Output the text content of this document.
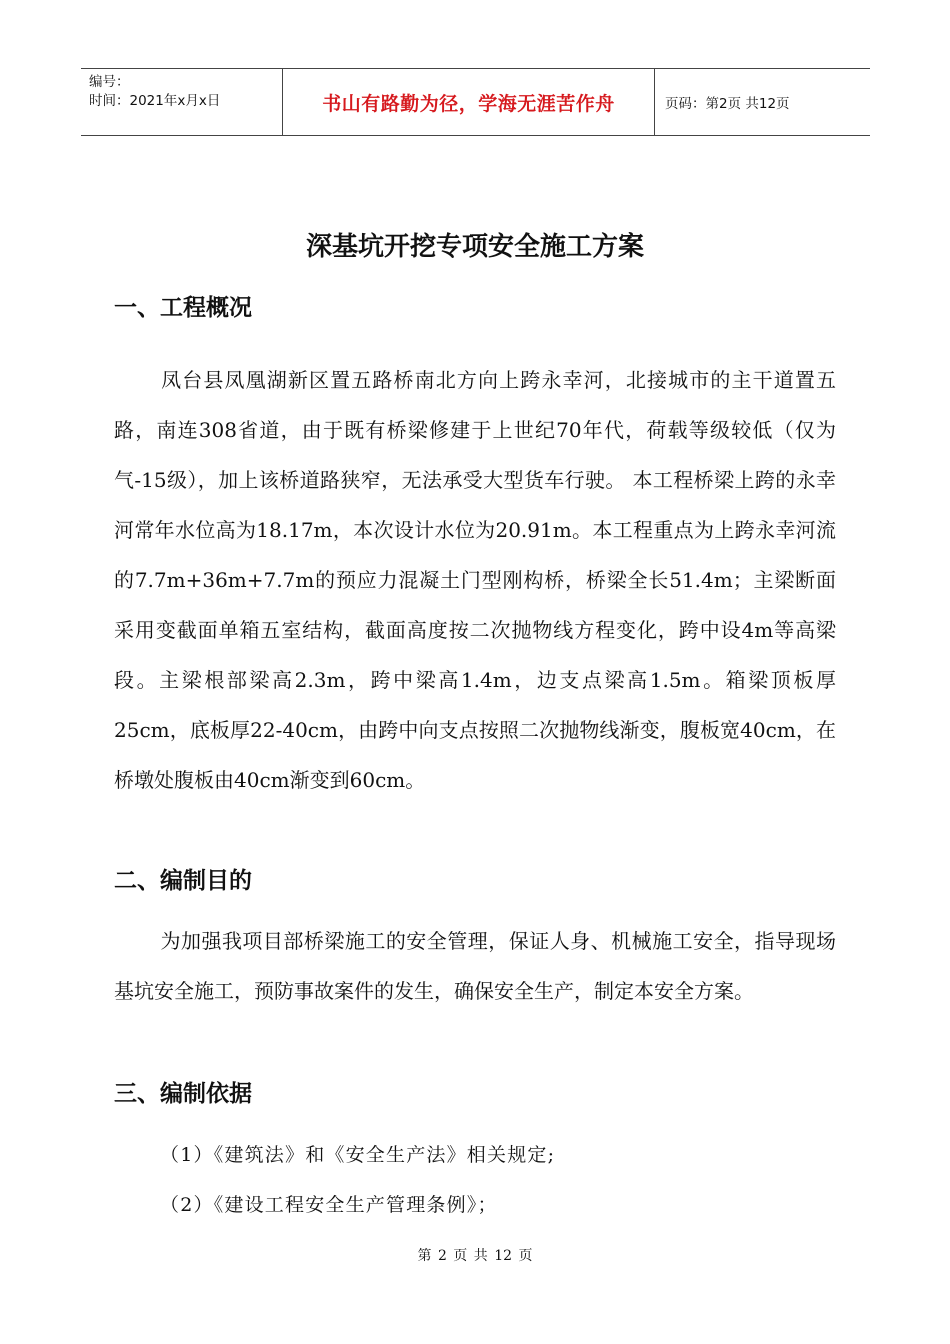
编号：
时间：2021年x月x日	书山有路勤为径，学海无涯苦作舟	页码：第2页 共12页
深基坑开挖专项安全施工方案
一、工程概况
凤台县凤凰湖新区置五路桥南北方向上跨永幸河，北接城市的主干道置五路，南连308省道，由于既有桥梁修建于上世纪70年代，荷载等级较低（仅为气-15级），加上该桥道路狭窄，无法承受大型货车行驶。 本工程桥梁上跨的永幸河常年水位高为18.17m，本次设计水位为20.91m。本工程重点为上跨永幸河流的7.7m+36m+7.7m的预应力混凝土门型刚构桥，桥梁全长51.4m；主梁断面采用变截面单箱五室结构，截面高度按二次抛物线方程变化，跨中设4m等高梁段。主梁根部梁高2.3m，跨中梁高1.4m，边支点梁高1.5m。箱梁顶板厚25cm，底板厚22-40cm，由跨中向支点按照二次抛物线渐变，腹板宽40cm，在桥墩处腹板由40cm渐变到60cm。
二、编制目的
为加强我项目部桥梁施工的安全管理，保证人身、机械施工安全，指导现场基坑安全施工，预防事故案件的发生，确保安全生产，制定本安全方案。
三、编制依据
（1）《建筑法》和《安全生产法》相关规定;
（2）《建设工程安全生产管理条例》；
第 2 页 共 12 页
